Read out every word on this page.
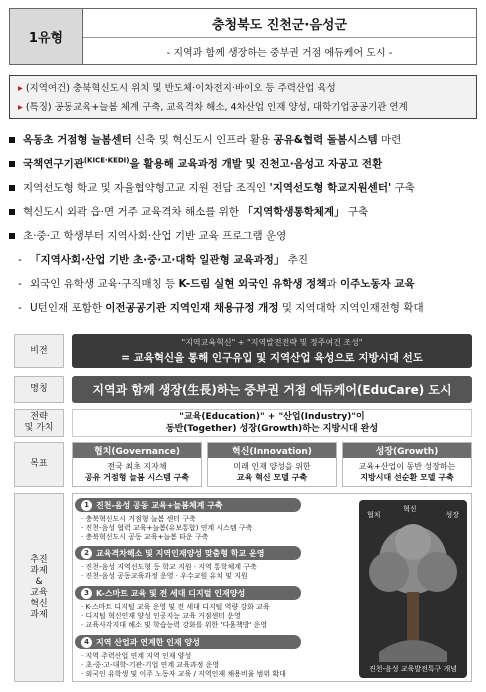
1유형
충청북도 진천군·음성군
- 지역과 함께 생장하는 중부권 거점 에듀케어 도시 -
▸ (지역여건) 충북혁신도시 위치 및 반도체·이차전지·바이오 등 주력산업 육성
▸ (특징) 공동교육+늘봄 체계 구축, 교육격차 해소, 4차산업 인재 양성, 대학기업공공기관 연계
옥동초 거점형 늘봄센터 신축 및 혁신도시 인프라 활용 공유&협력 돌봄시스템 마련
국책연구기관$^{(KICE\cdot KEDI)}$을 활용해 교육과정 개발 및 진천고·음성고 자공고 전환
지역선도형 학교 및 자율협약형고교 지원 전담 조직인 '지역선도형 학교지원센터' 구축
혁신도시 외곽 읍·면 거주 교육격차 해소를 위한 「지역학생통학체계」 구축
초·중·고 학생부터 지역사회·산업 기반 교육 프로그램 운영
- 「지역사회·산업 기반 초·중·고·대학 일관형 교육과정」 추진
- 외국인 유학생 교육·구직매칭 등 K-드림 실현 외국인 유학생 정책과 이주노동자 교육
- U턴인재 포함한 이전공공기관 지역인재 채용규정 개정 및 지역대학 지역인재전형 확대
비전
명칭
전략
및 가치
목표
추진
과제
&
교육
혁신
과제
"지역교육혁신" + "지역발전전략 및 정주여건 조성"
= 교육혁신을 통해 인구유입 및 지역산업 육성으로 지방시대 선도
지역과 함께 생장(生長)하는 중부권 거점 에듀케어(EduCare) 도시
"교육(Education)" + "산업(Industry)"이
동반(Together) 성장(Growth)하는 지방시대 완성
협치(Governance)
전국 최초 지자체
공유 거점형 늘봄 시스템 구축
혁신(Innovation)
미래 인재 양성을 위한
교육 혁신 모델 구축
성장(Growth)
교육+산업이 동반 성장하는
지방시대 선순환 모델 구축
1 진천-음성 공동 교육+늘봄체계 구축
· 충북혁신도시 거점형 늘봄 센터 구축
· 진천-음성 협력 교육+늘봄(유보통합) 연계 시스템 구축
· 충북혁신도시 공동 교육+늘봄 타운 구축
2 교육격차해소 및 지역인재양성 맞춤형 학교 운영
· 진천-음성 지역선도형 등 학교 지원 · 지역 통학체계 구축
· 진천-음성 공동교육과정 운영 · 우수교원 유치 및 지원
3 K-스마트 교육 및 전 세대 디지털 인재양성
· K-스마트 디지털 교육 운영 및 전 세대 디지털 역량 강화 교육
· 디지털 혁신인재 양성 인공지능 교육 거점센터 운영
· 교육사각지대 해소 및 학습능력 강화를 위한 '다움책방' 운영
4 지역 산업과 연계한 인재 양성
· 지역 주력산업 연계 지역 인재 양성
· 초·중·고-대학-기관-기업 연계 교육과정 운영
· 외국인 유학생 및 이주 노동자 교육 / 지역인재 채용비율 범위 확대
협치
혁신
성장
진천-음성 교육발전특구 개념
